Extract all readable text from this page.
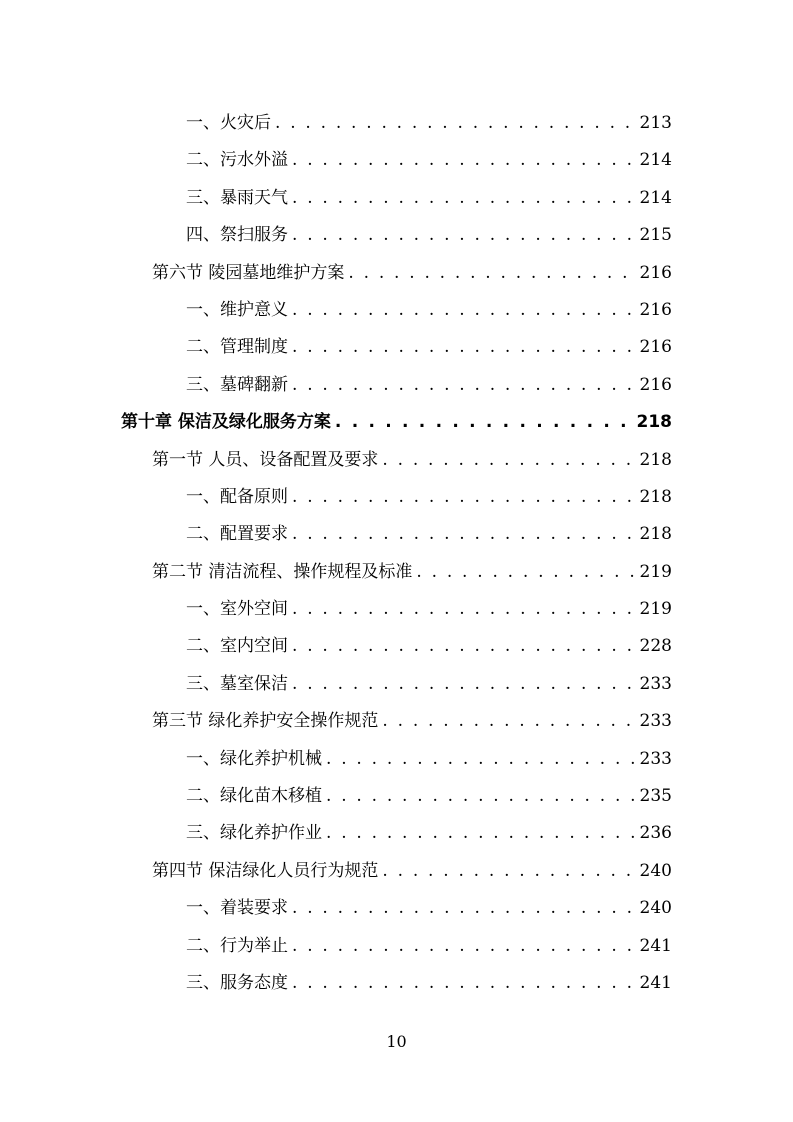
一、火灾后 . . .	213
二、污水外溢 . . .	214
三、暴雨天气 . . .	214
四、祭扫服务 . . .	215
第六节 陵园墓地维护方案 . . .	216
一、维护意义 . . .	216
二、管理制度 . . .	216
三、墓碑翻新 . . .	216
第十章 保洁及绿化服务方案 . . .	218
第一节 人员、设备配置及要求 . . .	218
一、配备原则 . . .	218
二、配置要求 . . .	218
第二节 清洁流程、操作规程及标准 . . .	219
一、室外空间 . . .	219
二、室内空间 . . .	228
三、墓室保洁 . . .	233
第三节 绿化养护安全操作规范 . . .	233
一、绿化养护机械 . . .	233
二、绿化苗木移植 . . .	235
三、绿化养护作业 . . .	236
第四节 保洁绿化人员行为规范 . . .	240
一、着装要求 . . .	240
二、行为举止 . . .	241
三、服务态度 . . .	241
10
